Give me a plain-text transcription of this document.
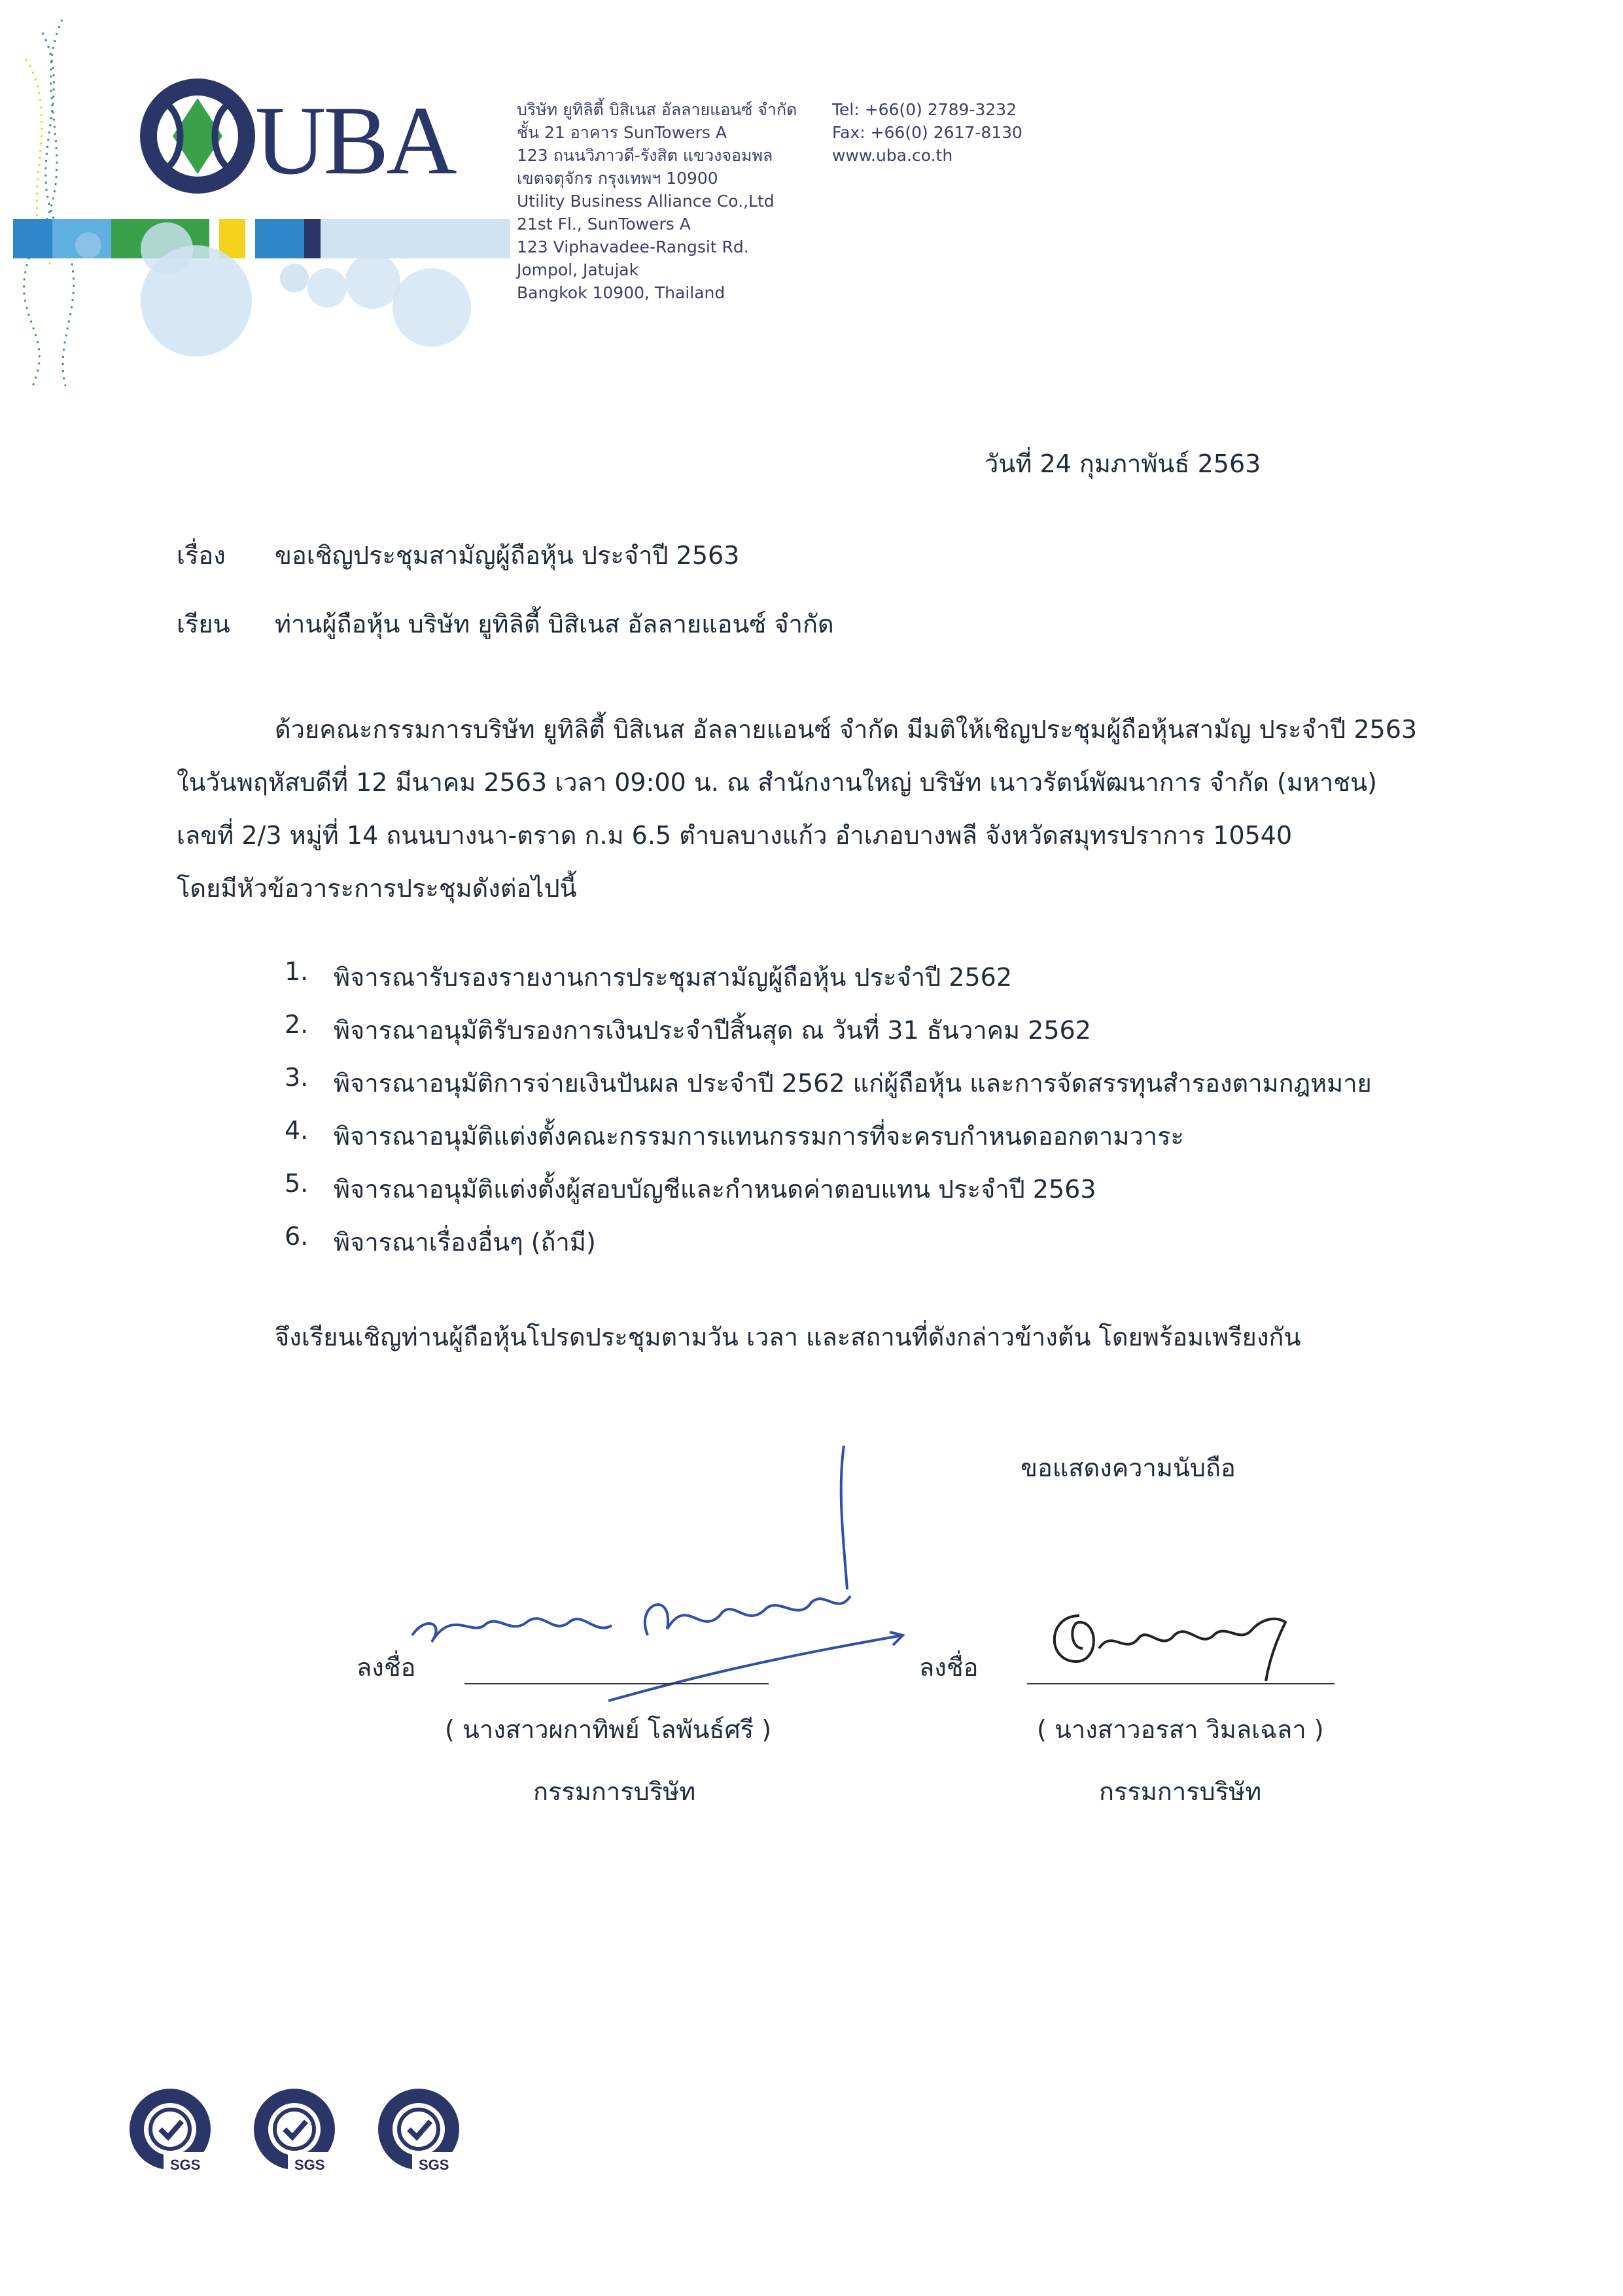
UBA	บริษัท ยูทิลิตี้ บิสิเนส อัลลายแอนซ์ จำกัด
ชั้น 21 อาคาร SunTowers A
123 ถนนวิภาวดี-รังสิต แขวงจอมพล
เขตจตุจักร กรุงเทพฯ 10900
Utility Business Alliance Co.,Ltd
21st Fl., SunTowers A
123 Viphavadee-Rangsit Rd.
Jompol, Jatujak
Bangkok 10900, Thailand
Tel: +66(0) 2789-3232
Fax: +66(0) 2617-8130
www.uba.co.th
วันที่ 24 กุมภาพันธ์ 2563
เรื่อง ขอเชิญประชุมสามัญผู้ถือหุ้น ประจำปี 2563
เรียน ท่านผู้ถือหุ้น บริษัท ยูทิลิตี้ บิสิเนส อัลลายแอนซ์ จำกัด
ด้วยคณะกรรมการบริษัท ยูทิลิตี้ บิสิเนส อัลลายแอนซ์ จำกัด มีมติให้เชิญประชุมผู้ถือหุ้นสามัญ ประจำปี 2563
ในวันพฤหัสบดีที่ 12 มีนาคม 2563 เวลา 09:00 น. ณ สำนักงานใหญ่ บริษัท เนาวรัตน์พัฒนาการ จำกัด (มหาชน)
เลขที่ 2/3 หมู่ที่ 14 ถนนบางนา-ตราด ก.ม 6.5 ตำบลบางแก้ว อำเภอบางพลี จังหวัดสมุทรปราการ 10540
โดยมีหัวข้อวาระการประชุมดังต่อไปนี้
1.	พิจารณารับรองรายงานการประชุมสามัญผู้ถือหุ้น ประจำปี 2562
2.	พิจารณาอนุมัติรับรองการเงินประจำปีสิ้นสุด ณ วันที่ 31 ธันวาคม 2562
3.	พิจารณาอนุมัติการจ่ายเงินปันผล ประจำปี 2562 แก่ผู้ถือหุ้น และการจัดสรรทุนสำรองตามกฎหมาย
4.	พิจารณาอนุมัติแต่งตั้งคณะกรรมการแทนกรรมการที่จะครบกำหนดออกตามวาระ
5.	พิจารณาอนุมัติแต่งตั้งผู้สอบบัญชีและกำหนดค่าตอบแทน ประจำปี 2563
6.	พิจารณาเรื่องอื่นๆ (ถ้ามี)
จึงเรียนเชิญท่านผู้ถือหุ้นโปรดประชุมตามวัน เวลา และสถานที่ดังกล่าวข้างต้น โดยพร้อมเพรียงกัน
ขอแสดงความนับถือ
ลงชื่อ
( นางสาวผกาทิพย์ โลพันธ์ศรี )
กรรมการบริษัท
ลงชื่อ
( นางสาวอรสา วิมลเฉลา )
กรรมการบริษัท
SGS	SGS	SGS
